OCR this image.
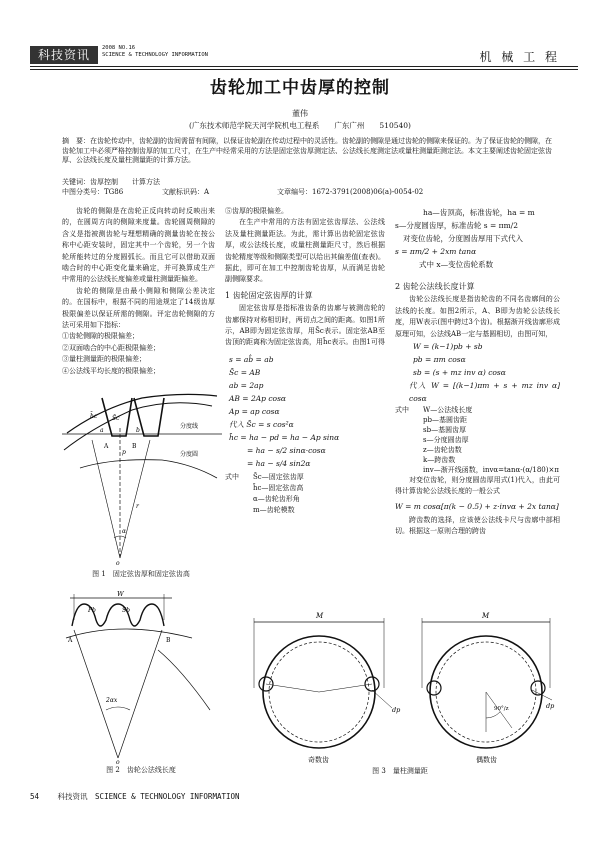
科技资讯	2008 NO.16
SCIENCE & TECHNOLOGY INFORMATION	机 械 工 程
齿轮加工中齿厚的控制
董伟
(广东技术师范学院天河学院机电工程系　　广东广州　　510540)
摘　要：在齿轮传动中，齿轮副的齿间需留有间隙，以保证齿轮副在传动过程中的灵活性。齿轮副的侧隙是通过齿轮的侧隙来保证的。为了保证齿轮的侧隙，在齿轮加工中必须严格控制齿厚的加工尺寸，在生产中经常采用的方法是固定弦齿厚测定法、公法线长度测定法或量柱测量距测定法。本文主要阐述齿轮固定弦齿厚、公法线长度及量柱测量距的计算方法。
关键词：齿厚控制　　计算方法
中图分类号：TG86	文献标识码：A	文章编号：1672-3791(2008)06(a)-0054-02

齿轮的侧隙是在齿轮正反向转动时反映出来的，在圆周方向的侧隙来度量。齿轮圆周侧隙的含义是指被测齿轮与理想精确的测量齿轮在按公称中心距安装时，固定其中一个齿轮，另一个齿轮所能转过的分度圆弧长。而且它可以借助双面啮合时的中心距变化量来确定，并可换算成生产中常用的公法线长度偏差或量柱测量距偏差。

齿轮的侧隙是由最小侧隙和侧隙公差决定的。在国标中，根据不同的用途规定了14级齿厚极限偏差以保证所需的侧隙。评定齿轮侧隙的方法可采用如下指标：

①齿轮侧隙的极限偏差；

②双面啮合的中心距极限偏差；

③量柱测量距的极限偏差；

④公法线平均长度的极限偏差；

A	B
S̄c
h̄c
a	b
p
α
r
o
分度线
分度圆
图 1　固定弦齿厚和固定弦齿高
W
Pb	Sb
A	B
2αx
o
图 2　齿轮公法线长度

⑤齿厚的极限偏差。

在生产中常用的方法有固定弦齿厚法、公法线法及量柱测量距法。为此，需计算出齿轮固定弦齿厚，或公法线长度，或量柱测量距尺寸，然后根据齿轮精度等级和侧隙类型可以给出其偏差值(查表)。据此，即可在加工中控制齿轮齿厚，从而满足齿轮副侧隙要求。

1 齿轮固定弦齿厚的计算

固定弦齿厚是指标准齿条的齿廓与被测齿轮的齿廓保持对称相切时，两切点之间的距离。如图1所示，AB即为固定弦齿厚，用S̄c表示。固定弦AB至齿顶的距离称为固定弦齿高，用h̄c表示。由图1可得

s = ab̂ = ab
S̄c = AB
ab = 2ap
AB = 2Ap cosα
Ap = ap cosα
代入 S̄c = s cos²α
h̄c = ha − pd = ha − Ap sinα
= ha − s/2 sinα·cosα
= ha − s/4 sin2α
式中 S̄c—固定弦齿厚
h̄c—固定弦齿高
α—齿轮齿形角
m—齿轮模数
ha—齿顶高，标准齿轮，ha = m
s—分度圆齿厚，标准齿轮 s = πm/2
对变位齿轮，分度圆齿厚用下式代入
s = πm/2 + 2xm tanα
式中 x—变位齿轮系数
2 齿轮公法线长度计算

齿轮公法线长度是指齿轮齿的不同名齿廓间的公法线的长度。如图2所示，A、B即为齿轮公法线长度，用W表示(图中跨过3个齿)。根据渐开线齿廓形成原理可知，公法线AB一定与基圆相切，由图可知，

W = (k−1)pb + sb
pb = πm cosα
sb = (s + mz inv α) cosα
代入 W = [(k−1)πm + s + mz inv α] cosα
式中 W—公法线长度
pb—基圆齿距
sb—基圆齿厚
s—分度圆齿厚
z—齿轮齿数
k—跨齿数
inv—渐开线函数，invα=tanα-(α/180)×π

对变位齿轮，则分度圆齿厚用式(1)代入，由此可得计算齿轮公法线长度的一般公式

W = m cosα[π(k − 0.5) + z·invα + 2x tanα]

跨齿数的选择，应该使公法线卡尺与齿廓中部相切。根据这一原则合理的跨齿

M	M
dp	dp
90°/z
奇数齿	偶数齿
图 3　量柱测量距
54 科技资讯　SCIENCE & TECHNOLOGY INFORMATION
